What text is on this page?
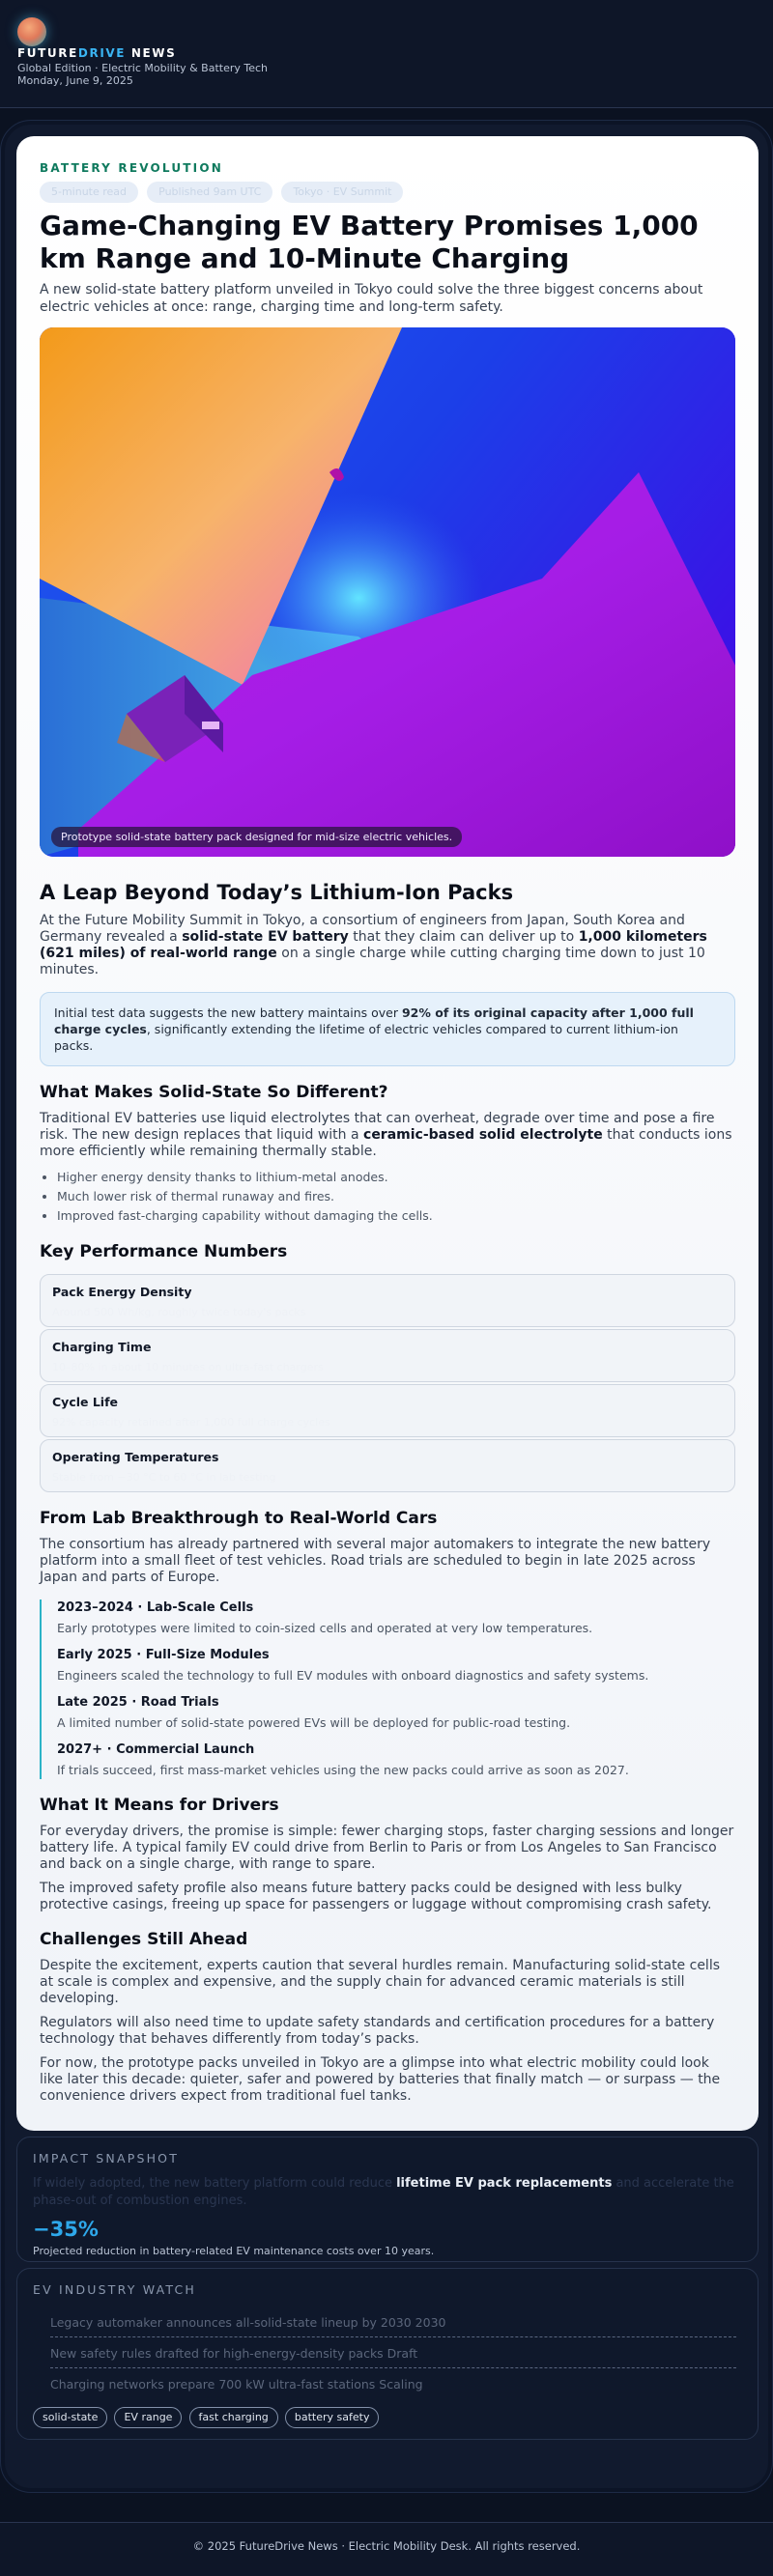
FUTUREDRIVE NEWS
Global Edition · Electric Mobility & Battery Tech
Monday, June 9, 2025
BATTERY REVOLUTION
5-minute read	Published 9am UTC	Tokyo · EV Summit
Game-Changing EV Battery Promises 1,000 km Range and 10-Minute Charging
A new solid-state battery platform unveiled in Tokyo could solve the three biggest concerns about electric vehicles at once: range, charging time and long-term safety.
Prototype solid-state battery pack designed for mid-size electric vehicles.
A Leap Beyond Today’s Lithium-Ion Packs

At the Future Mobility Summit in Tokyo, a consortium of engineers from Japan, South Korea and Germany revealed a solid-state EV battery that they claim can deliver up to 1,000 kilometers (621 miles) of real-world range on a single charge while cutting charging time down to just 10 minutes.

Initial test data suggests the new battery maintains over 92% of its original capacity after 1,000 full charge cycles, significantly extending the lifetime of electric vehicles compared to current lithium-ion packs.
What Makes Solid-State So Different?

Traditional EV batteries use liquid electrolytes that can overheat, degrade over time and pose a fire risk. The new design replaces that liquid with a ceramic-based solid electrolyte that conducts ions more efficiently while remaining thermally stable.

• Higher energy density thanks to lithium-metal anodes.
• Much lower risk of thermal runaway and fires.
• Improved fast-charging capability without damaging the cells.
Key Performance Numbers
Pack Energy Density
Around 500 Wh/kg, roughly twice today's packs
Charging Time
10–80% in about 10 minutes on ultra-fast chargers
Cycle Life
92% capacity retained after 1,000 full charge cycles
Operating Temperatures
Stable from −30 °C to 60 °C in lab testing
From Lab Breakthrough to Real-World Cars

The consortium has already partnered with several major automakers to integrate the new battery platform into a small fleet of test vehicles. Road trials are scheduled to begin in late 2025 across Japan and parts of Europe.

2023–2024 · Lab-Scale Cells
Early prototypes were limited to coin-sized cells and operated at very low temperatures.
Early 2025 · Full-Size Modules
Engineers scaled the technology to full EV modules with onboard diagnostics and safety systems.
Late 2025 · Road Trials
A limited number of solid-state powered EVs will be deployed for public-road testing.
2027+ · Commercial Launch
If trials succeed, first mass-market vehicles using the new packs could arrive as soon as 2027.
What It Means for Drivers

For everyday drivers, the promise is simple: fewer charging stops, faster charging sessions and longer battery life. A typical family EV could drive from Berlin to Paris or from Los Angeles to San Francisco and back on a single charge, with range to spare.

The improved safety profile also means future battery packs could be designed with less bulky protective casings, freeing up space for passengers or luggage without compromising crash safety.

Challenges Still Ahead

Despite the excitement, experts caution that several hurdles remain. Manufacturing solid-state cells at scale is complex and expensive, and the supply chain for advanced ceramic materials is still developing.

Regulators will also need time to update safety standards and certification procedures for a battery technology that behaves differently from today’s packs.

For now, the prototype packs unveiled in Tokyo are a glimpse into what electric mobility could look like later this decade: quieter, safer and powered by batteries that finally match — or surpass — the convenience drivers expect from traditional fuel tanks.

IMPACT SNAPSHOT
If widely adopted, the new battery platform could reduce lifetime EV pack replacements and accelerate the phase-out of combustion engines.
−35%
Projected reduction in battery-related EV maintenance costs over 10 years.
EV INDUSTRY WATCH
Legacy automaker announces all-solid-state lineup by 2030 2030
New safety rules drafted for high-energy-density packs Draft
Charging networks prepare 700 kW ultra-fast stations Scaling
solid-state EV range fast charging battery safety
© 2025 FutureDrive News · Electric Mobility Desk. All rights reserved.
